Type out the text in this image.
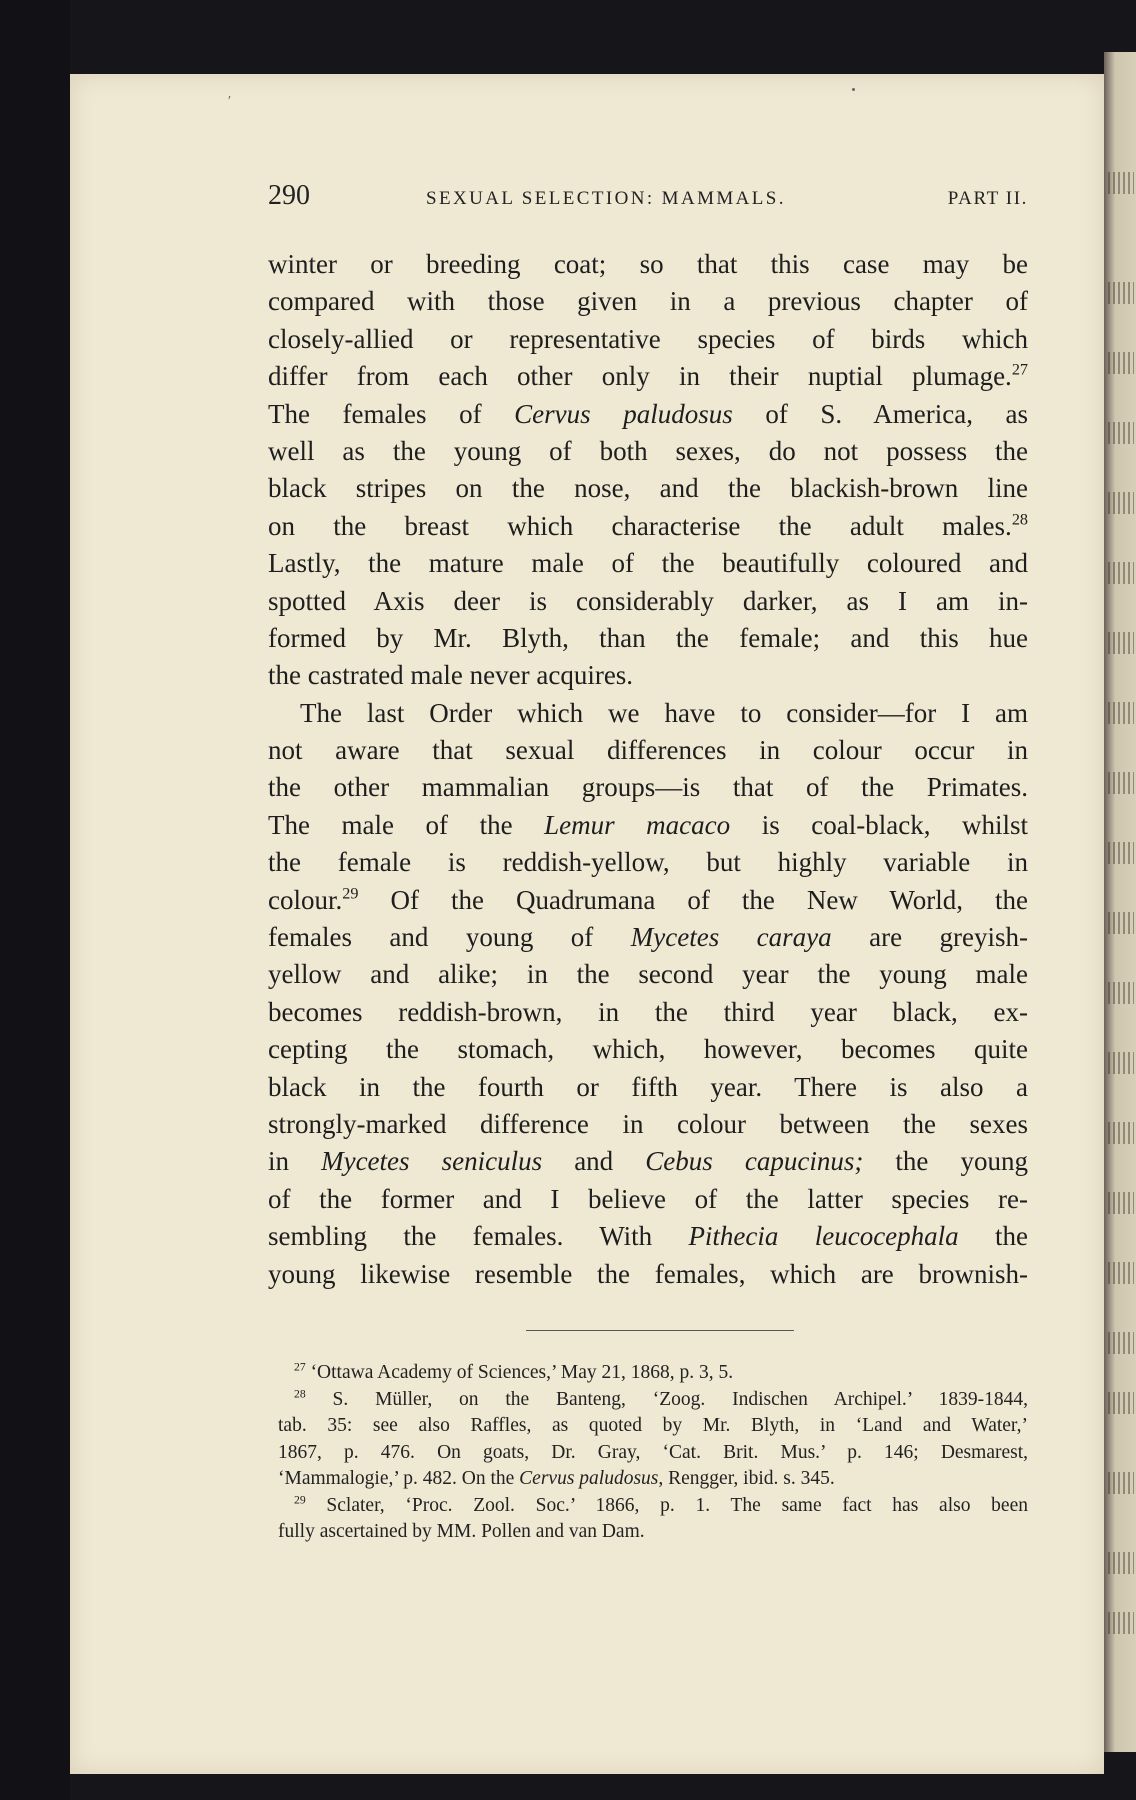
′
290	SEXUAL SELECTION: MAMMALS.	PART II.
winter or breeding coat; so that this case may be
compared with those given in a previous chapter of
closely-allied or representative species of birds which
differ from each other only in their nuptial plumage.$^{27}$
The females of Cervus paludosus of S. America, as
well as the young of both sexes, do not possess the
black stripes on the nose, and the blackish-brown line
on the breast which characterise the adult males.$^{28}$
Lastly, the mature male of the beautifully coloured and
spotted Axis deer is considerably darker, as I am in-
formed by Mr. Blyth, than the female; and this hue
the castrated male never acquires.
The last Order which we have to consider—for I am
not aware that sexual differences in colour occur in
the other mammalian groups—is that of the Primates.
The male of the Lemur macaco is coal-black, whilst
the female is reddish-yellow, but highly variable in
colour.$^{29}$ Of the Quadrumana of the New World, the
females and young of Mycetes caraya are greyish-
yellow and alike; in the second year the young male
becomes reddish-brown, in the third year black, ex-
cepting the stomach, which, however, becomes quite
black in the fourth or fifth year. There is also a
strongly-marked difference in colour between the sexes
in Mycetes seniculus and Cebus capucinus; the young
of the former and I believe of the latter species re-
sembling the females. With Pithecia leucocephala the
young likewise resemble the females, which are brownish-
$^{27}$ ‘Ottawa Academy of Sciences,’ May 21, 1868, p. 3, 5.
$^{28}$ S. Müller, on the Banteng, ‘Zoog. Indischen Archipel.’ 1839-1844,
tab. 35: see also Raffles, as quoted by Mr. Blyth, in ‘Land and Water,’
1867, p. 476. On goats, Dr. Gray, ‘Cat. Brit. Mus.’ p. 146; Desmarest,
‘Mammalogie,’ p. 482. On the Cervus paludosus, Rengger, ibid. s. 345.
$^{29}$ Sclater, ‘Proc. Zool. Soc.’ 1866, p. 1. The same fact has also been
fully ascertained by MM. Pollen and van Dam.
